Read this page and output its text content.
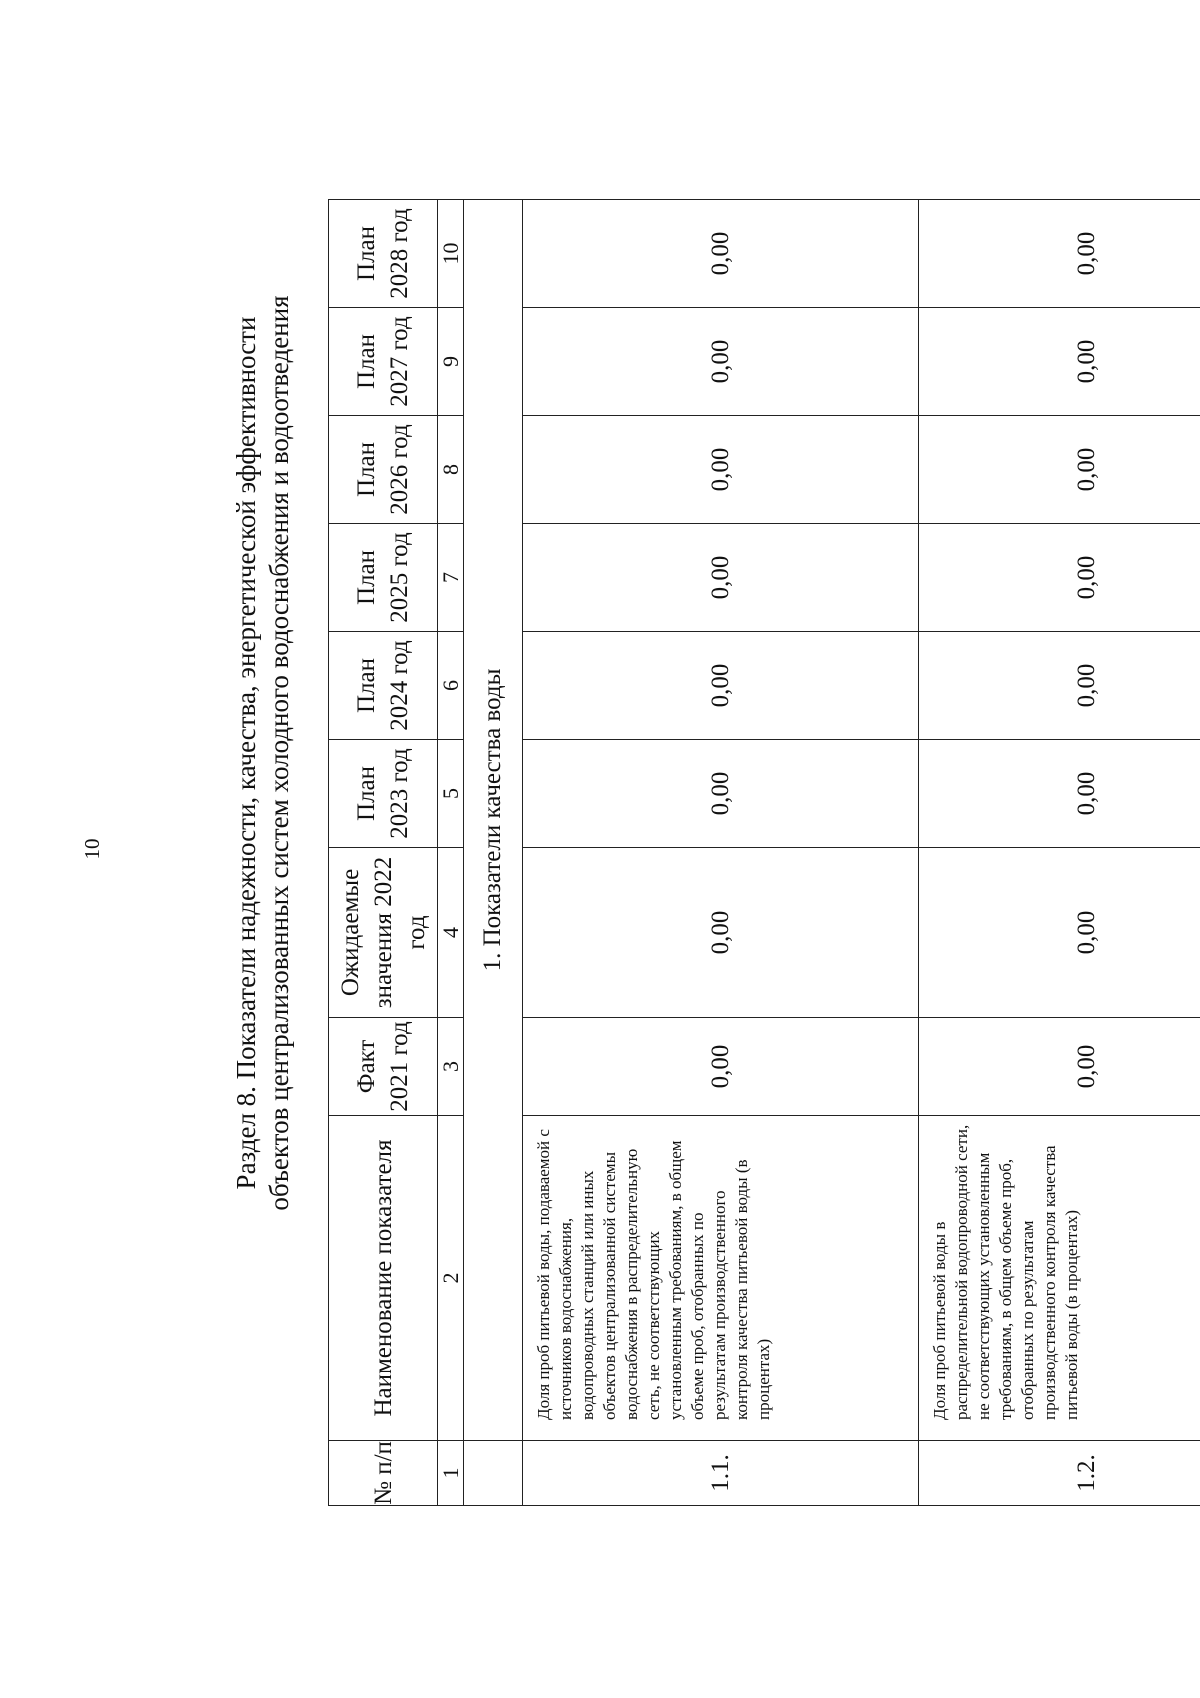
10	Раздел 8. Показатели надежности, качества, энергетической эффективности объектов централизованных систем холодного водоснабжения и водоотведения
№ п/п	Наименование показателя	Факт 2021 год	Ожидаемые значения 2022 год	План 2023 год	План 2024 год	План 2025 год	План 2026 год	План 2027 год	План 2028 год
1	2	3	4	5	6	7	8	9	10
	1. Показатели качества воды								
1.1.	Доля проб питьевой воды, подаваемой с источников водоснабжения, водопроводных станций или иных объектов централизованной системы водоснабжения в распределительную сеть, не соответствующих установленным требованиям, в общем объеме проб, отобранных по результатам производственного контроля качества питьевой воды (в процентах)	0,00	0,00	0,00	0,00	0,00	0,00	0,00	0,00
1.2.	Доля проб питьевой воды в распределительной водопроводной сети, не соответствующих установленным требованиям, в общем объеме проб, отобранных по результатам производственного контроля качества питьевой воды (в процентах)	0,00	0,00	0,00	0,00	0,00	0,00	0,00	0,00
